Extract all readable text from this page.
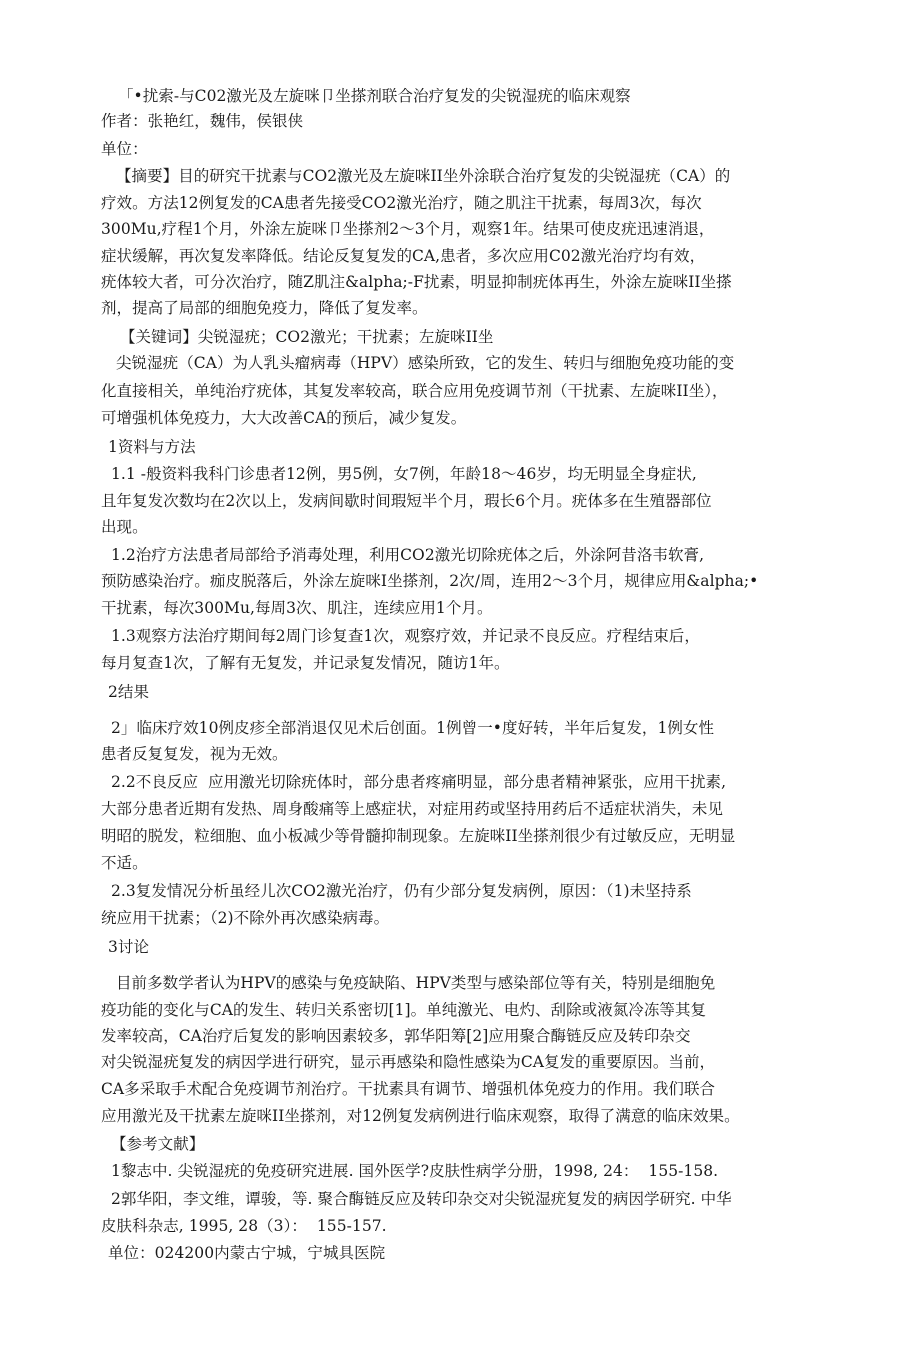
「•扰索-与C02激光及左旋咪卩坐搽剂联合治疗复发的尖锐湿疣的临床观察
作者：张艳红，魏伟，侯银侠
单位：
【摘要】目的研究干扰素与CO2激光及左旋咪II坐外涂联合治疗复发的尖锐湿疣（CA）的
疗效。方法12例复发的CA患者先接受CO2激光治疗，随之肌注干扰素，每周3次，每次
300Mu,疗程1个月，外涂左旋咪卩坐搽剂2〜3个月，观察1年。结果可使皮疣迅速消退，
症状缓解，再次复发率降低。结论反复复发的CA,患者，多次应用C02激光治疗均有效，
疣体较大者，可分次治疗，随Z肌注&alpha;-F扰素，明显抑制疣体再生，外涂左旋咪II坐搽
剂，提高了局部的细胞免疫力，降低了复发率。
【关键词】尖锐湿疣；CO2激光；干扰素；左旋咪II坐
尖锐湿疣（CA）为人乳头瘤病毒（HPV）感染所致，它的发生、转归与细胞免疫功能的变
化直接相关，单纯治疗疣体，其复发率较高，联合应用免疫调节剂（干扰素、左旋咪II坐），
可增强机体免疫力，大大改善CA的预后，减少复发。
1资料与方法
1.1 -般资料我科门诊患者12例，男5例，女7例，年龄18〜46岁，均无明显全身症状,
且年复发次数均在2次以上，发病间歇时间瑕短半个月，瑕长6个月。疣体多在生殖器部位
出现。
1.2治疗方法患者局部给予消毒处理，利用CO2激光切除疣体之后，外涂阿昔洛韦软膏,
预防感染治疗。痂皮脱落后，外涂左旋咪I坐搽剂，2次/周，连用2〜3个月，规律应用&alpha;•
干扰素，每次300Mu,每周3次、肌注，连续应用1个月。
1.3观察方法治疗期间每2周门诊复查1次，观察疗效，并记录不良反应。疗程结束后，
每月复查1次，了解有无复发，并记录复发情况，随访1年。
2结果
2」临床疗效10例皮疹全部消退仅见术后创面。1例曾一•度好转，半年后复发，1例女性
患者反复复发，视为无效。
2.2不良反应  应用激光切除疣体时，部分患者疼痛明显，部分患者精神紧张，应用干扰素,
大部分患者近期有发热、周身酸痛等上感症状，对症用药或坚持用药后不适症状消失，未见
明昭的脱发，粒细胞、血小板减少等骨髓抑制现象。左旋咪II坐搽剂很少有过敏反应，无明显
不适。
2.3复发情况分析虽经儿次CO2激光治疗，仍有少部分复发病例，原因：（1)未坚持系
统应用干扰素；（2)不除外再次感染病毒。
3讨论
目前多数学者认为HPV的感染与免疫缺陷、HPV类型与感染部位等有关，特别是细胞免
疫功能的变化与CA的发生、转归关系密切[1]。单纯激光、电灼、刮除或液氮冷冻等其复
发率较高，CA治疗后复发的影响因素较多，郭华阳筹[2]应用聚合酶链反应及转印杂交
对尖锐湿疣复发的病因学进行研究，显示再感染和隐性感染为CA复发的重要原因。当前，
CA多采取手术配合免疫调节剂治疗。干扰素具有调节、增强机体免疫力的作用。我们联合
应用激光及干扰素左旋咪II坐搽剂，对12例复发病例进行临床观察，取得了满意的临床效果。
【参考文献】
1黎志中. 尖锐湿疣的免疫研究进展. 国外医学?皮肤性病学分册，1998, 24：  155-158.
2郭华阳，李文维，谭骏，等. 聚合酶链反应及转印杂交对尖锐湿疣复发的病因学研究. 中华
皮肤科杂志, 1995, 28（3）：  155-157.
单位：024200内蒙古宁城，宁城具医院
